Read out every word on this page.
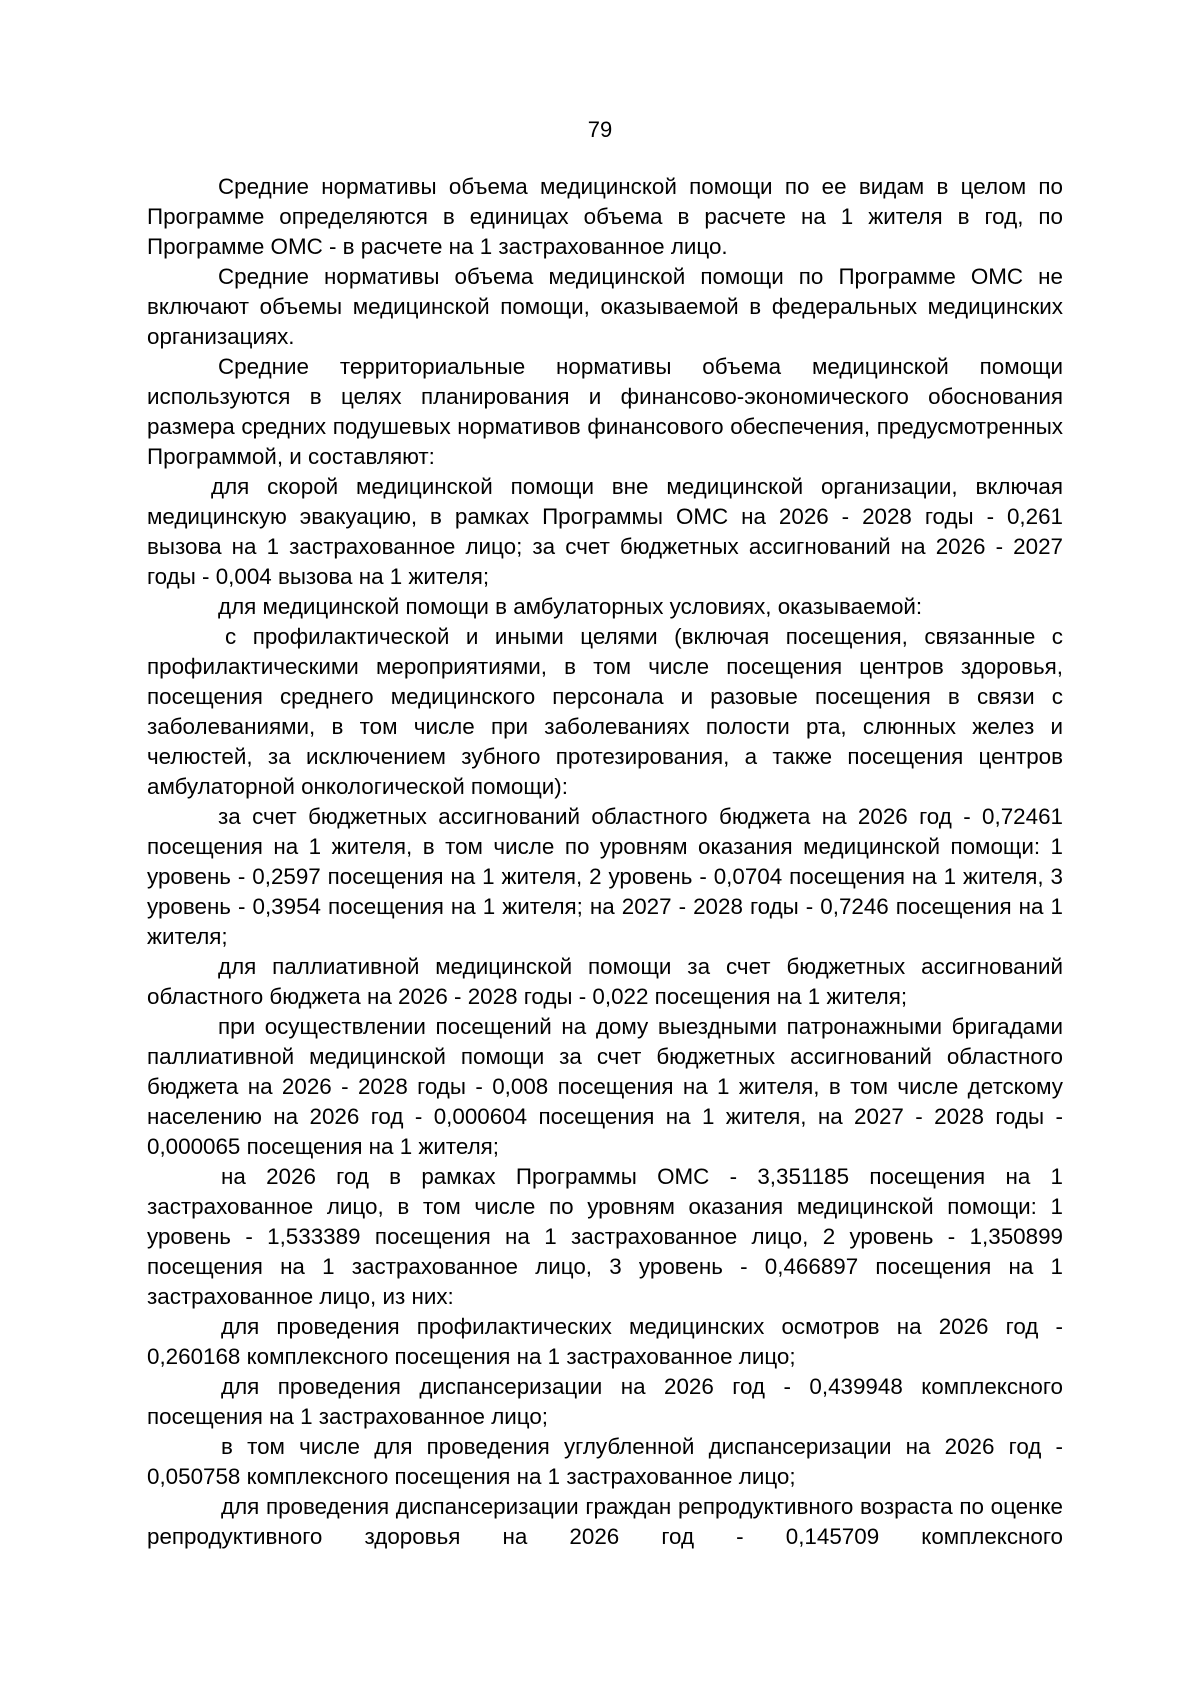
79

Средние нормативы объема медицинской помощи по ее видам в целом по Программе определяются в единицах объема в расчете на 1 жителя в год, по Программе ОМС - в расчете на 1 застрахованное лицо.

Средние нормативы объема медицинской помощи по Программе ОМС не включают объемы медицинской помощи, оказываемой в федеральных медицинских организациях.

Средние территориальные нормативы объема медицинской помощи используются в целях планирования и финансово-экономического обоснования размера средних подушевых нормативов финансового обеспечения, предусмотренных Программой, и составляют:

для скорой медицинской помощи вне медицинской организации, включая медицинскую эвакуацию, в рамках Программы ОМС на 2026 - 2028 годы - 0,261 вызова на 1 застрахованное лицо; за счет бюджетных ассигнований на 2026 - 2027 годы - 0,004 вызова на 1 жителя;

для медицинской помощи в амбулаторных условиях, оказываемой:

с профилактической и иными целями (включая посещения, связанные с профилактическими мероприятиями, в том числе посещения центров здоровья, посещения среднего медицинского персонала и разовые посещения в связи с заболеваниями, в том числе при заболеваниях полости рта, слюнных желез и челюстей, за исключением зубного протезирования, а также посещения центров амбулаторной онкологической помощи):

за счет бюджетных ассигнований областного бюджета на 2026 год - 0,72461 посещения на 1 жителя, в том числе по уровням оказания медицинской помощи: 1 уровень - 0,2597 посещения на 1 жителя, 2 уровень - 0,0704 посещения на 1 жителя, 3 уровень - 0,3954 посещения на 1 жителя; на 2027 - 2028 годы - 0,7246 посещения на 1 жителя;

для паллиативной медицинской помощи за счет бюджетных ассигнований областного бюджета на 2026 - 2028 годы - 0,022 посещения на 1 жителя;

при осуществлении посещений на дому выездными патронажными бригадами паллиативной медицинской помощи за счет бюджетных ассигнований областного бюджета на 2026 - 2028 годы - 0,008 посещения на 1 жителя, в том числе детскому населению на 2026 год - 0,000604 посещения на 1 жителя, на 2027 - 2028 годы - 0,000065 посещения на 1 жителя;

на 2026 год в рамках Программы ОМС - 3,351185 посещения на 1 застрахованное лицо, в том числе по уровням оказания медицинской помощи: 1 уровень - 1,533389 посещения на 1 застрахованное лицо, 2 уровень - 1,350899 посещения на 1 застрахованное лицо, 3 уровень - 0,466897 посещения на 1 застрахованное лицо, из них:

для проведения профилактических медицинских осмотров на 2026 год - 0,260168 комплексного посещения на 1 застрахованное лицо;

для проведения диспансеризации на 2026 год - 0,439948 комплексного посещения на 1 застрахованное лицо;

в том числе для проведения углубленной диспансеризации на 2026 год - 0,050758 комплексного посещения на 1 застрахованное лицо;

для проведения диспансеризации граждан репродуктивного возраста по оценке репродуктивного здоровья на 2026 год - 0,145709 комплексного
